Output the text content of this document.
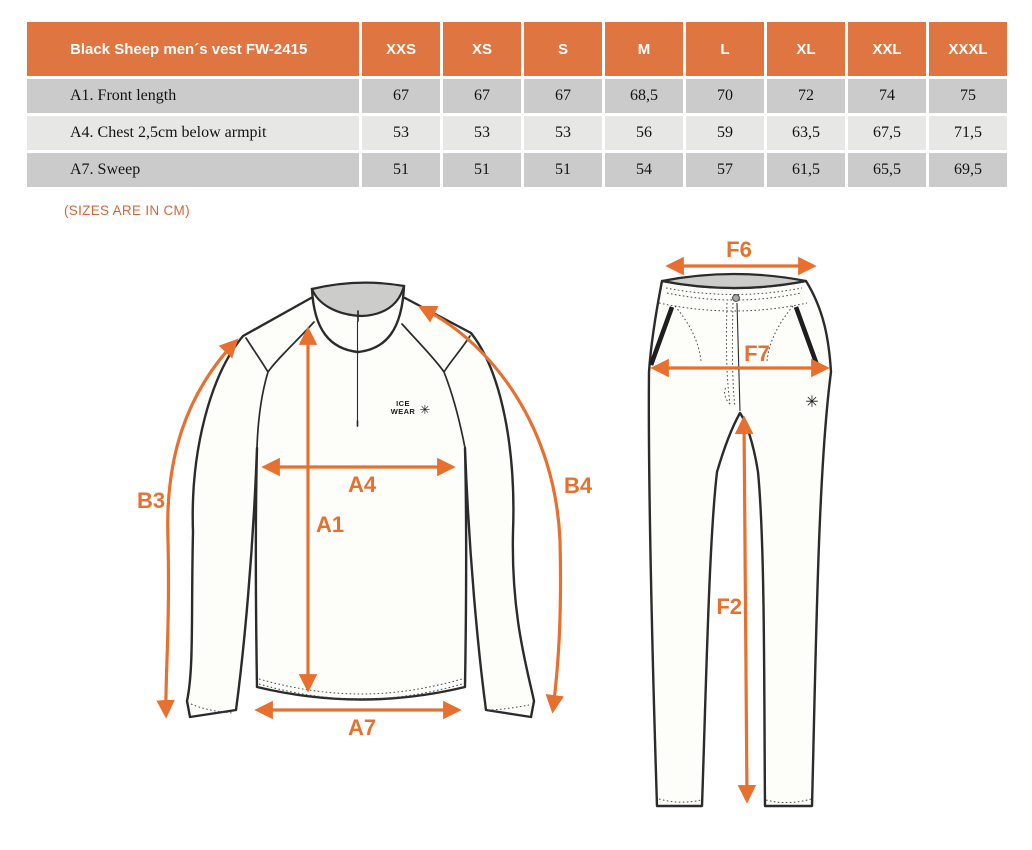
Black Sheep men´s vest FW-2415	XXS	XS	S	M	L	XL	XXL	XXXL
A1. Front length	67	67	67	68,5	70	72	74	75
A4. Chest 2,5cm below armpit	53	53	53	56	59	63,5	67,5	71,5
A7. Sweep	51	51	51	54	57	61,5	65,5	69,5
(SIZES ARE IN CM)
ICE
WEAR ✳
B3
B4
A4
A1
A7
✳
F6
F7
F2
